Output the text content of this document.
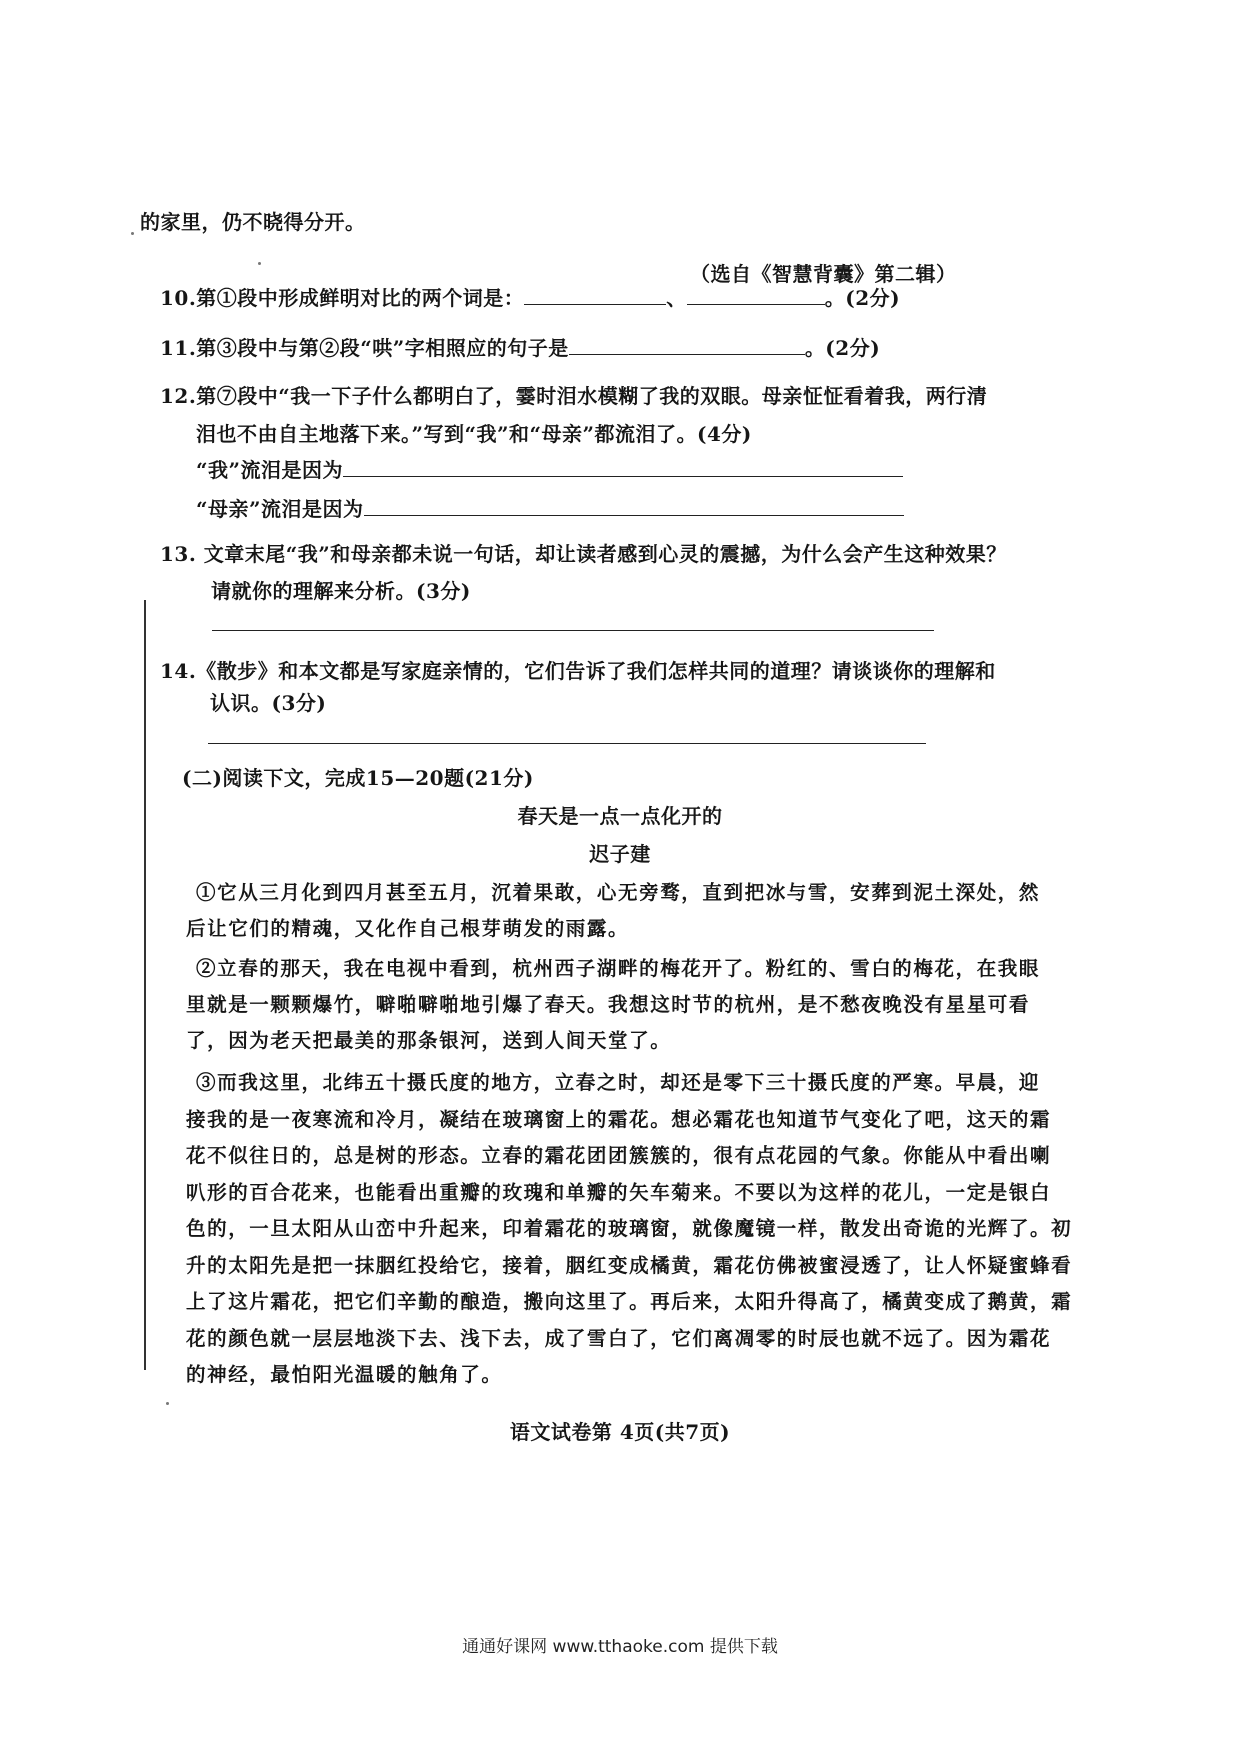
的家里，仍不晓得分开。
（选自《智慧背囊》第二辑）
10.第①段中形成鲜明对比的两个词是：	、	。(2分)
11.第③段中与第②段“哄”字相照应的句子是	。(2分)
12.第⑦段中“我一下子什么都明白了，霎时泪水模糊了我的双眼。母亲怔怔看着我，两行清
泪也不由自主地落下来。”写到“我”和“母亲”都流泪了。(4分)
“我”流泪是因为
“母亲”流泪是因为
13. 文章末尾“我”和母亲都未说一句话，却让读者感到心灵的震撼，为什么会产生这种效果？
请就你的理解来分析。(3分)
14.《散步》和本文都是写家庭亲情的，它们告诉了我们怎样共同的道理？请谈谈你的理解和
认识。(3分)
(二)阅读下文，完成15—20题(21分)
春天是一点一点化开的
迟子建
①它从三月化到四月甚至五月，沉着果敢，心无旁骛，直到把冰与雪，安葬到泥土深处，然
后让它们的精魂，又化作自己根芽萌发的雨露。
②立春的那天，我在电视中看到，杭州西子湖畔的梅花开了。粉红的、雪白的梅花，在我眼
里就是一颗颗爆竹，噼啪噼啪地引爆了春天。我想这时节的杭州，是不愁夜晚没有星星可看
了，因为老天把最美的那条银河，送到人间天堂了。
③而我这里，北纬五十摄氏度的地方，立春之时，却还是零下三十摄氏度的严寒。早晨，迎
接我的是一夜寒流和冷月，凝结在玻璃窗上的霜花。想必霜花也知道节气变化了吧，这天的霜
花不似往日的，总是树的形态。立春的霜花团团簇簇的，很有点花园的气象。你能从中看出喇
叭形的百合花来，也能看出重瓣的玫瑰和单瓣的矢车菊来。不要以为这样的花儿，一定是银白
色的，一旦太阳从山峦中升起来，印着霜花的玻璃窗，就像魔镜一样，散发出奇诡的光辉了。初
升的太阳先是把一抹胭红投给它，接着，胭红变成橘黄，霜花仿佛被蜜浸透了，让人怀疑蜜蜂看
上了这片霜花，把它们辛勤的酿造，搬向这里了。再后来，太阳升得高了，橘黄变成了鹅黄，霜
花的颜色就一层层地淡下去、浅下去，成了雪白了，它们离凋零的时辰也就不远了。因为霜花
的神经，最怕阳光温暖的触角了。
语文试卷第 4页(共7页)
通通好课网 www.tthaoke.com 提供下载
